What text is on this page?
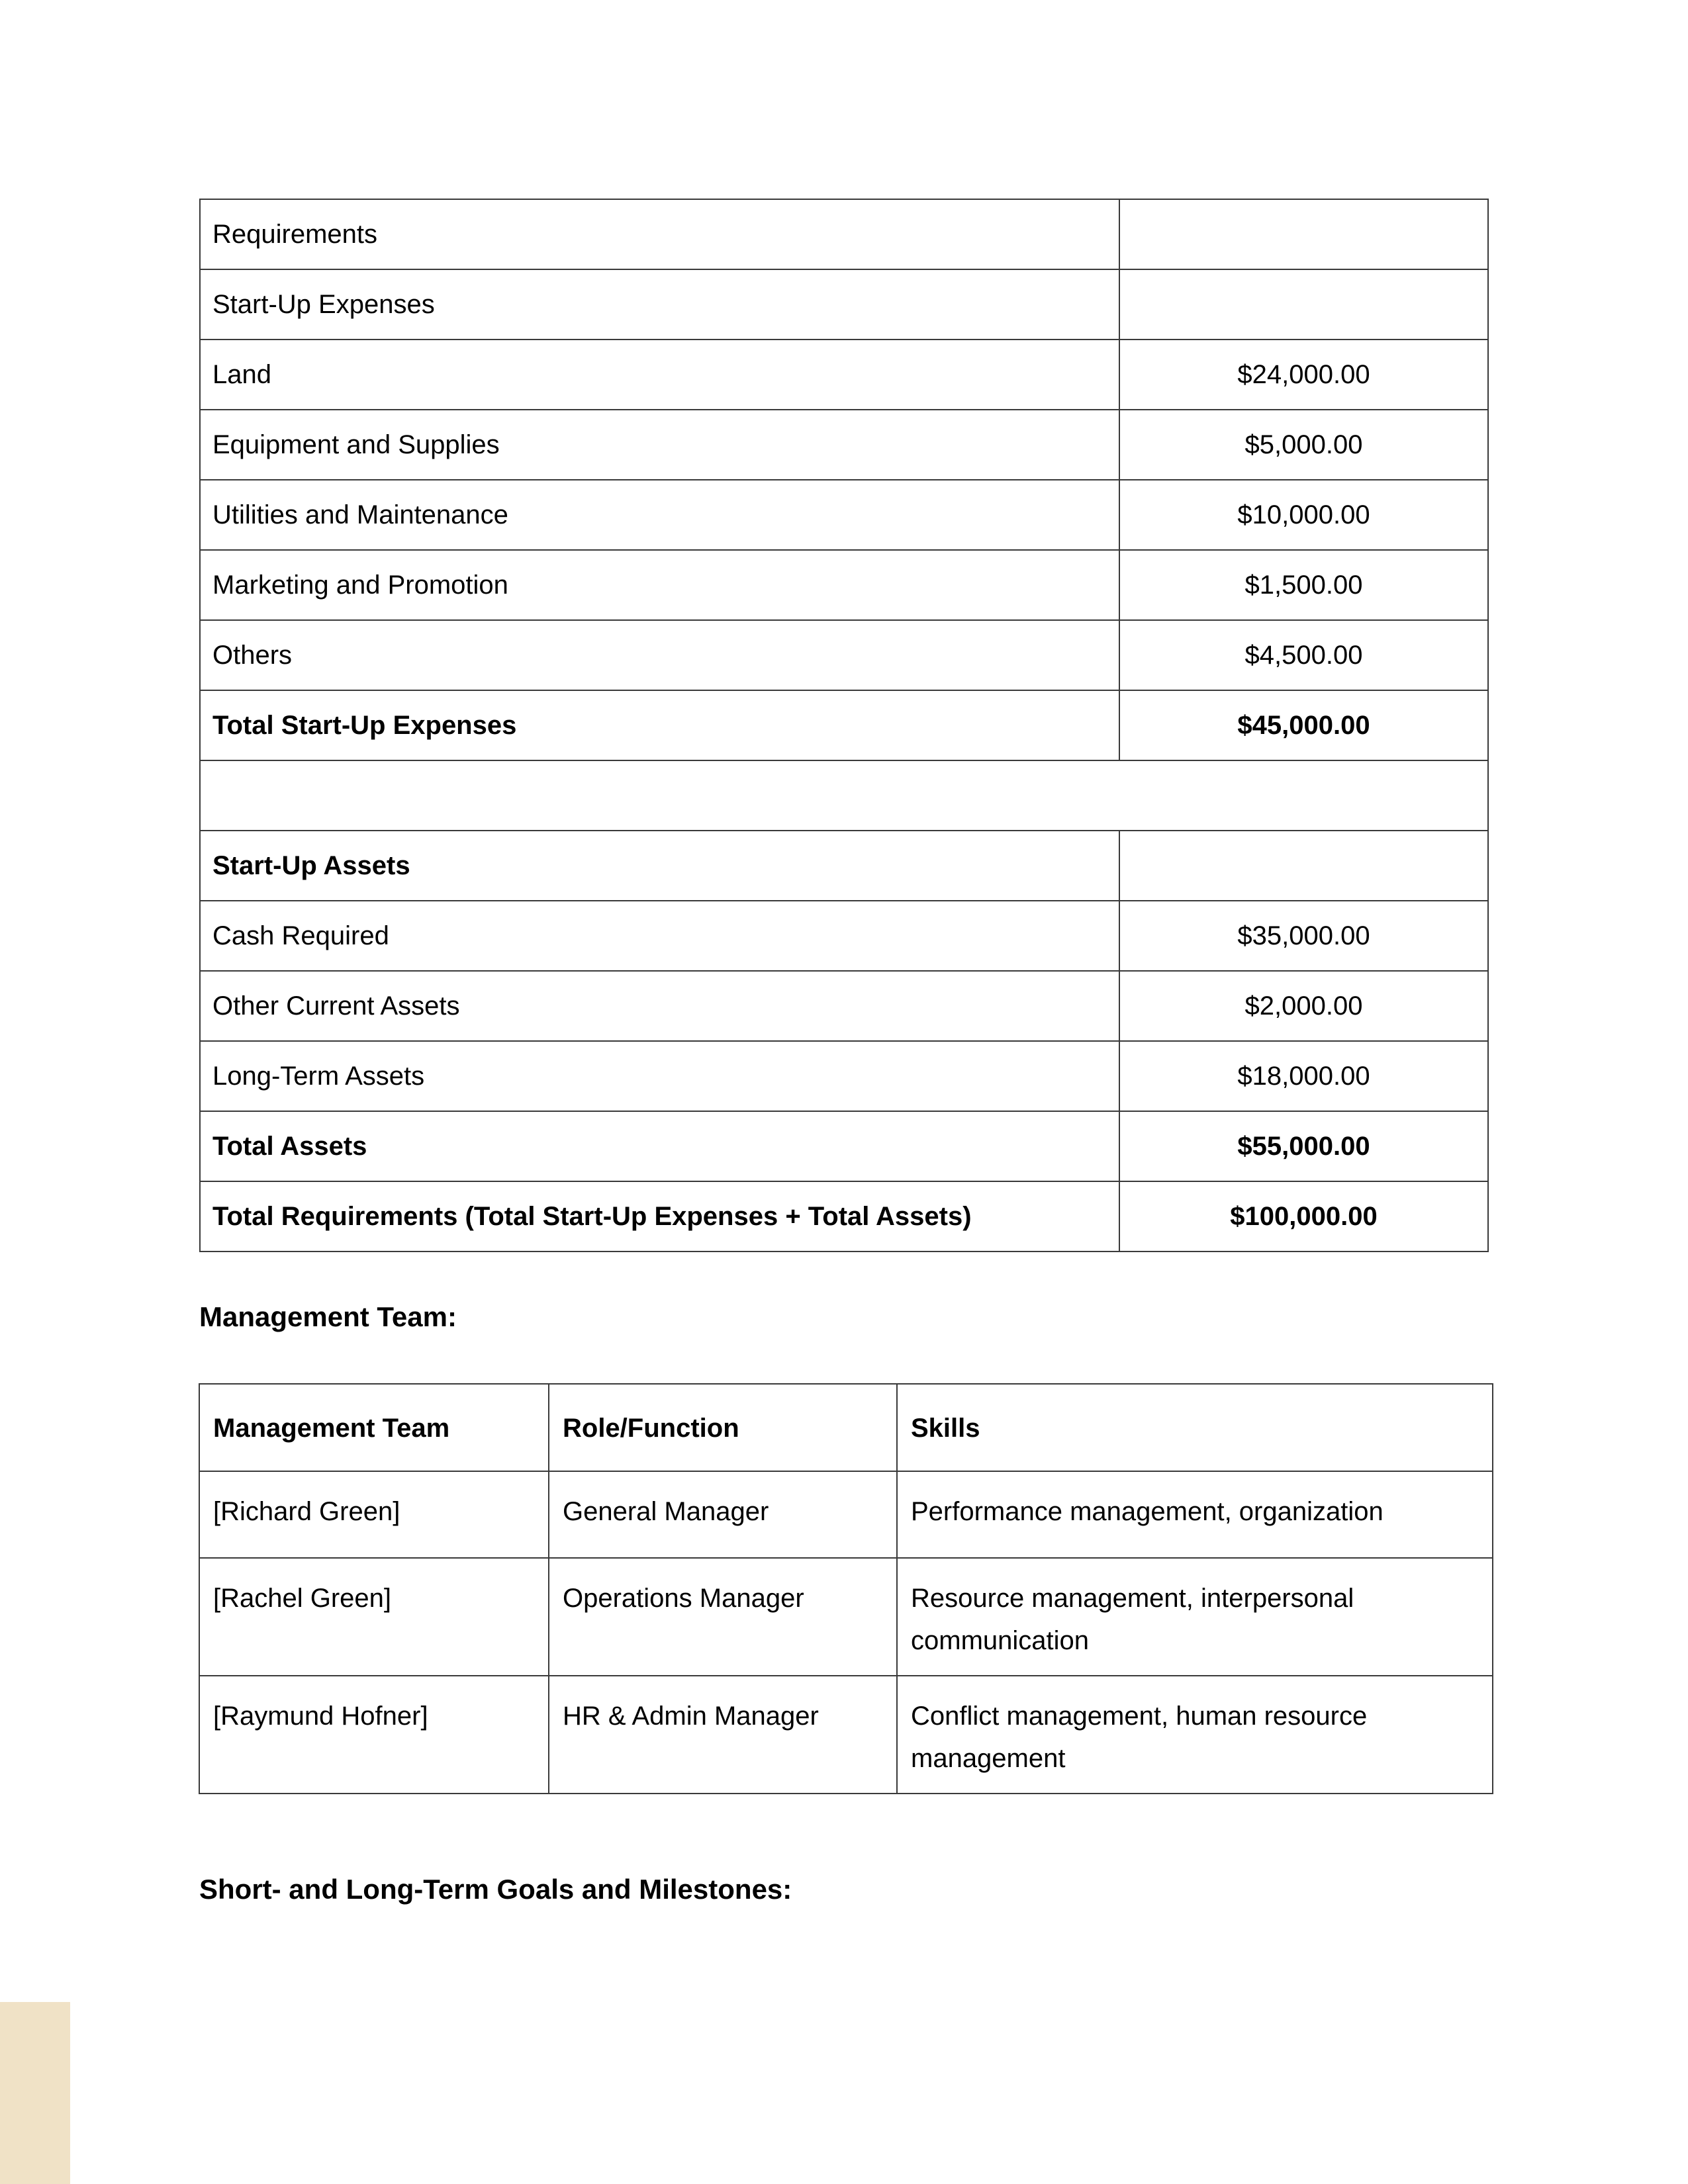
Requirements	
Start-Up Expenses	
Land	$24,000.00
Equipment and Supplies	$5,000.00
Utilities and Maintenance	$10,000.00
Marketing and Promotion	$1,500.00
Others	$4,500.00
Total Start-Up Expenses	$45,000.00

Start-Up Assets	
Cash Required	$35,000.00
Other Current Assets	$2,000.00
Long-Term Assets	$18,000.00
Total Assets	$55,000.00
Total Requirements (Total Start-Up Expenses + Total Assets)	$100,000.00
Management Team:
Management Team	Role/Function	Skills
[Richard Green]	General Manager	Performance management, organization
[Rachel Green]	Operations Manager	Resource management, interpersonal communication
[Raymund Hofner]	HR & Admin Manager	Conflict management, human resource management
Short- and Long-Term Goals and Milestones:
